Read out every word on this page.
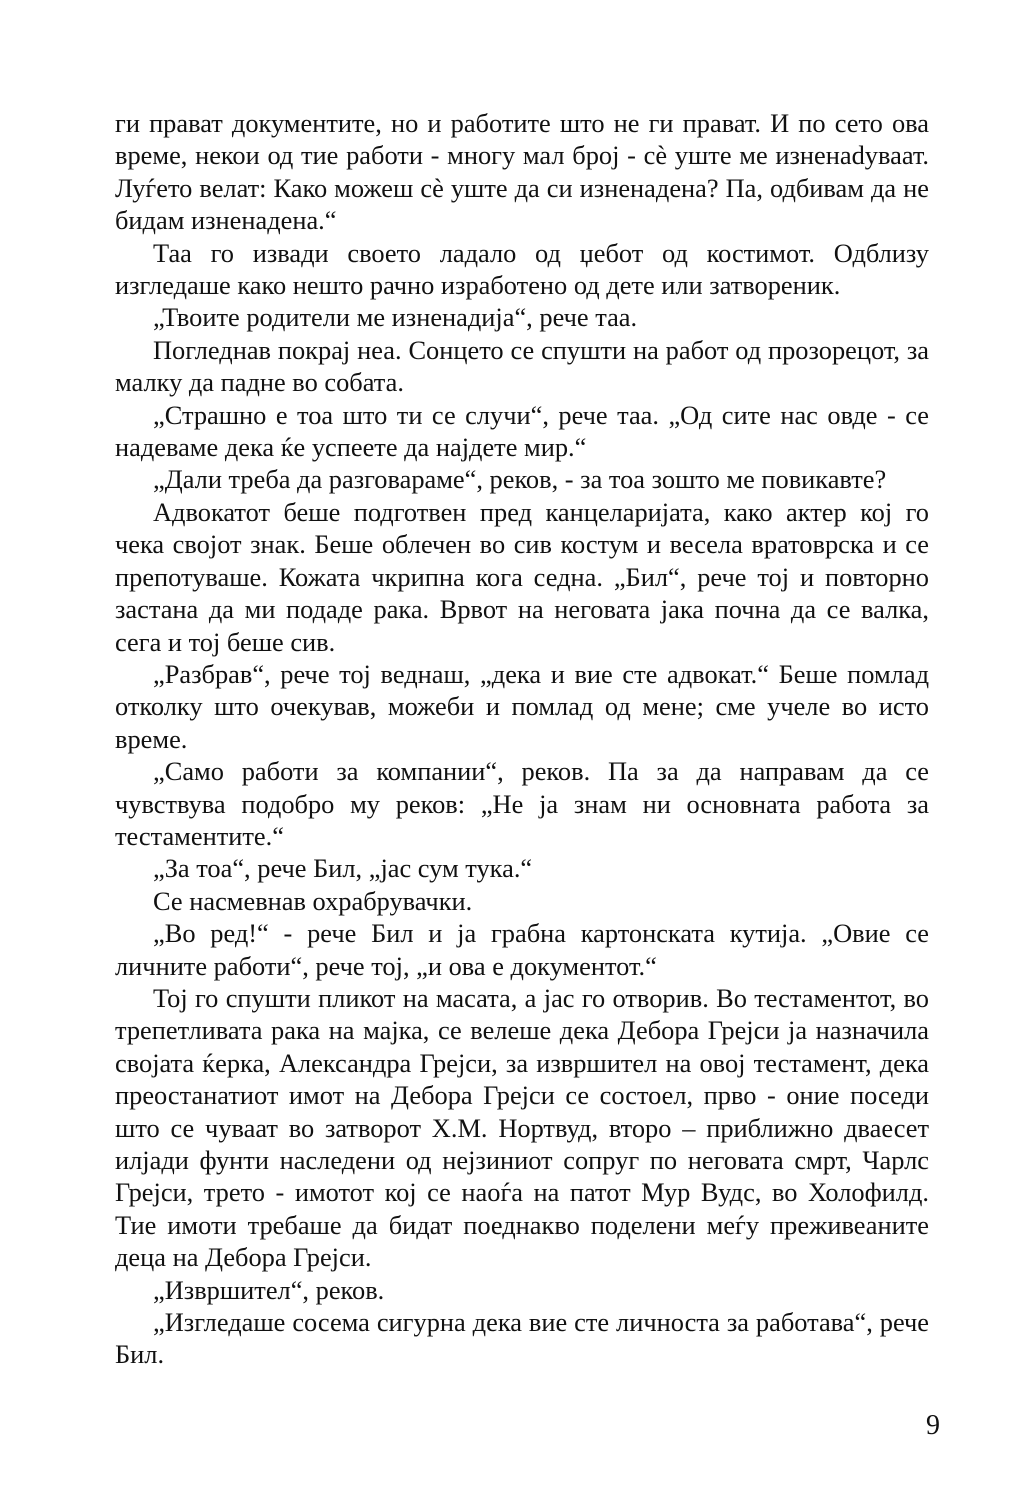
ги прават документите, но и работите што не ги прават. И по сето ова време, некои од тие работи - многу мал број - сѐ уште ме изненаdуваат. Луѓето велат: Како можеш сѐ уште да си изненадена? Па, одбивам да не бидам изненадена.“

Таа го извади своето ладало од џебот од костимот. Одблизу изгледаше како нешто рачно изработено од дете или затвореник.

„Твоите родители ме изненадија“, рече таа.

Погледнав покрај неа. Сонцето се спушти на работ од прозорецот, за малку да падне во собата.

„Страшно е тоа што ти се случи“, рече таа. „Од сите нас овде - се надеваме дека ќе успеете да најдете мир.“

„Дали треба да разговараме“, реков, - за тоа зошто ме повикавте?

Адвокатот беше подготвен пред канцеларијата, како актер кој го чека својот знак. Беше облечен во сив костум и весела вратоврска и се препотуваше. Кожата чкрипна кога седна. „Бил“, рече тој и повторно застана да ми подаде рака. Врвот на неговата јака почна да се валка, сега и тој беше сив.

„Разбрав“, рече тој веднаш, „дека и вие сте адвокат.“ Беше помлад отколку што очекував, можеби и помлад од мене; сме учеле во исто време.

„Само работи за компании“, реков. Па за да направам да се чувствува подобро му реков: „Не ја знам ни основната работа за тестаментите.“

„За тоа“, рече Бил, „јас сум тука.“

Се насмевнав охрабрувачки.

„Во ред!“ - рече Бил и ја грабна картонската кутија. „Овие се личните работи“, рече тој, „и ова е документот.“

Тој го спушти пликот на масата, а јас го отворив. Во тестаментот, во трепетливата рака на мајка, се велеше дека Дебора Грејси ја назначила својата ќерка, Александра Грејси, за извршител на овој тестамент, дека преостанатиот имот на Дебора Грејси се состоел, прво - оние поседи што се чуваат во затворот Х.М. Нортвуд, второ – приближно дваесет илјади фунти наследени од нејзиниот сопруг по неговата смрт, Чарлс Грејси, трето - имотот кој се наоѓа на патот Мур Вудс, во Холофилд. Тие имоти требаше да бидат поеднакво поделени меѓу преживеаните деца на Дебора Грејси.

„Извршител“, реков.

„Изгледаше сосема сигурна дека вие сте личноста за работава“, рече Бил.

9
